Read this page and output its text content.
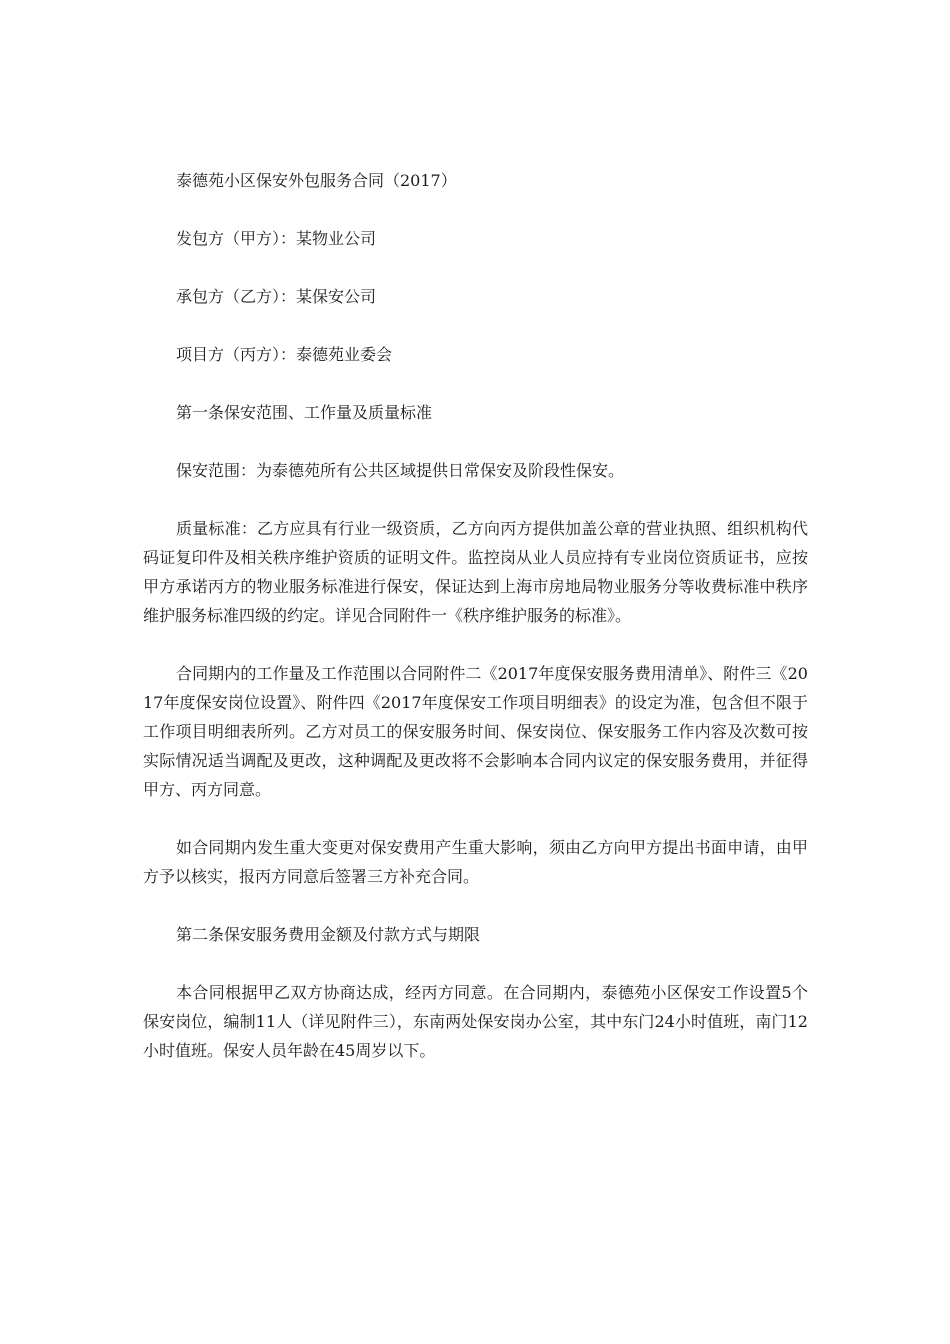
泰德苑小区保安外包服务合同（2017）

发包方（甲方）：某物业公司

承包方（乙方）：某保安公司

项目方（丙方）：泰德苑业委会

第一条保安范围、工作量及质量标准

保安范围：为泰德苑所有公共区域提供日常保安及阶段性保安。

质量标准：乙方应具有行业一级资质，乙方向丙方提供加盖公章的营业执照、组织机构代码证复印件及相关秩序维护资质的证明文件。监控岗从业人员应持有专业岗位资质证书，应按甲方承诺丙方的物业服务标准进行保安，保证达到上海市房地局物业服务分等收费标准中秩序维护服务标准四级的约定。详见合同附件一《秩序维护服务的标准》。

合同期内的工作量及工作范围以合同附件二《2017年度保安服务费用清单》、附件三《2017年度保安岗位设置》、附件四《2017年度保安工作项目明细表》的设定为准，包含但不限于工作项目明细表所列。乙方对员工的保安服务时间、保安岗位、保安服务工作内容及次数可按实际情况适当调配及更改，这种调配及更改将不会影响本合同内议定的保安服务费用，并征得甲方、丙方同意。

如合同期内发生重大变更对保安费用产生重大影响，须由乙方向甲方提出书面申请，由甲方予以核实，报丙方同意后签署三方补充合同。

第二条保安服务费用金额及付款方式与期限

本合同根据甲乙双方协商达成，经丙方同意。在合同期内，泰德苑小区保安工作设置5个保安岗位，编制11人（详见附件三），东南两处保安岗办公室，其中东门24小时值班，南门12小时值班。保安人员年龄在45周岁以下。
